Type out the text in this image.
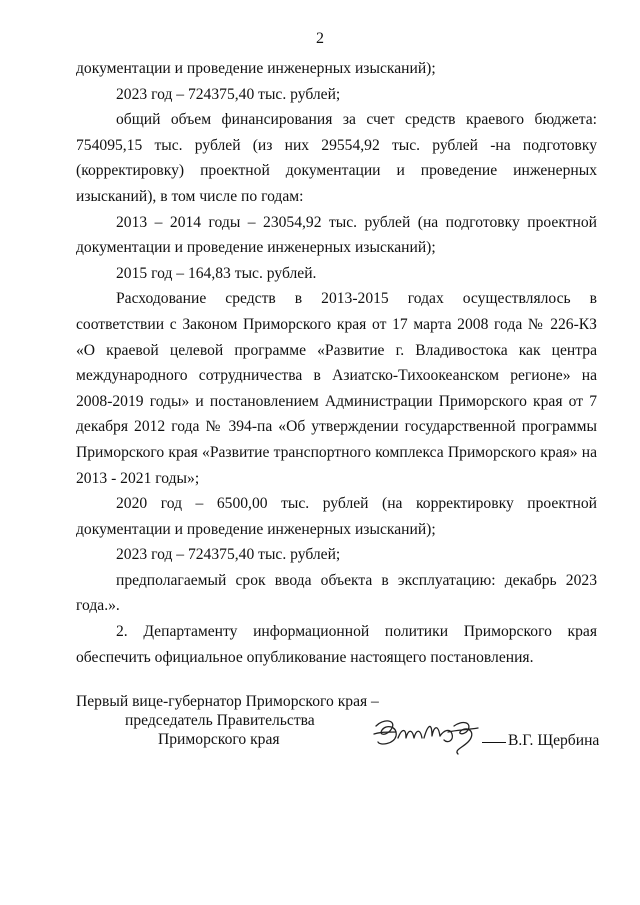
2

документации и проведение инженерных изысканий);

2023 год – 724375,40 тыс. рублей;

общий объем финансирования за счет средств краевого бюджета: 754095,15 тыс. рублей (из них 29554,92 тыс. рублей -на подготовку (корректировку) проектной документации и проведение инженерных изысканий), в том числе по годам:

2013 – 2014 годы – 23054,92 тыс. рублей (на подготовку проектной документации и проведение инженерных изысканий);

2015 год – 164,83 тыс. рублей.

Расходование средств в 2013-2015 годах осуществлялось в соответствии с Законом Приморского края от 17 марта 2008 года № 226-КЗ «О краевой целевой программе «Развитие г. Владивостока как центра международного сотрудничества в Азиатско-Тихоокеанском регионе» на 2008-2019 годы» и постановлением Администрации Приморского края от 7 декабря 2012 года № 394-па «Об утверждении государственной программы Приморского края «Развитие транспортного комплекса Приморского края» на 2013 - 2021 годы»;

2020 год – 6500,00 тыс. рублей (на корректировку проектной документации и проведение инженерных изысканий);

2023 год – 724375,40 тыс. рублей;

предполагаемый срок ввода объекта в эксплуатацию: декабрь 2023 года.».

2. Департаменту информационной политики Приморского края обеспечить официальное опубликование настоящего постановления.

Первый вице-губернатор Приморского края –
председатель Правительства
Приморского края	В.Г. Щербина
